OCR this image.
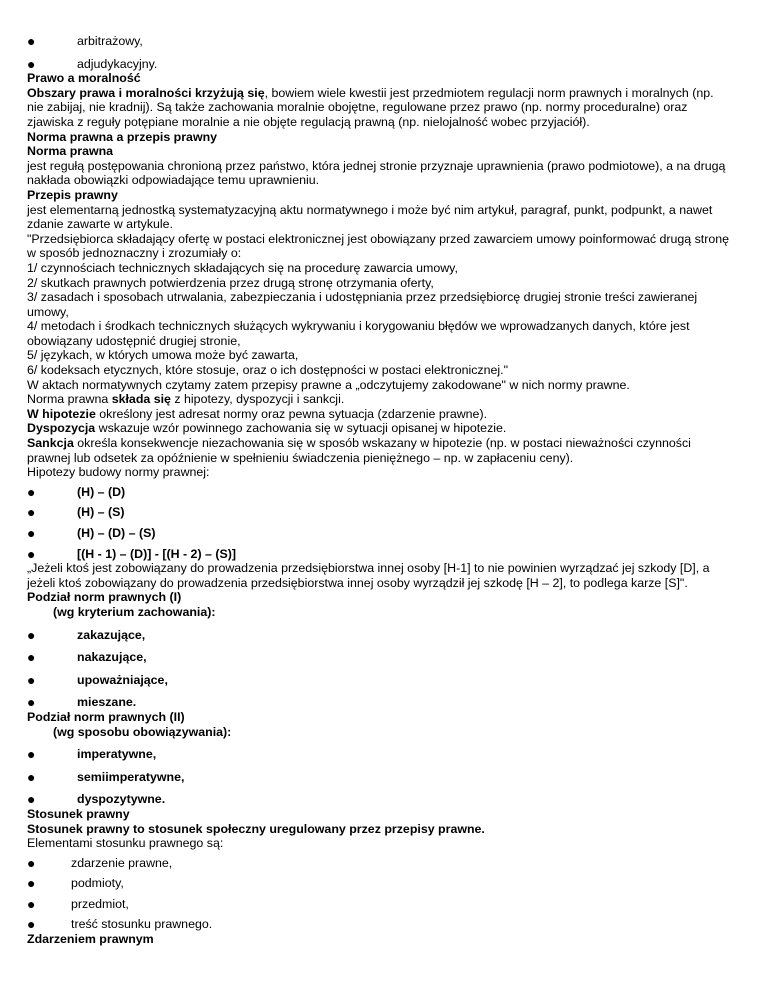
●	arbitrażowy,
●	adjudykacyjny.

Prawo a moralność

Obszary prawa i moralności krzyżują się, bowiem wiele kwestii jest przedmiotem regulacji norm prawnych i moralnych (np. nie zabijaj, nie kradnij). Są także zachowania moralnie obojętne, regulowane przez prawo (np. normy proceduralne) oraz zjawiska z reguły potępiane moralnie a nie objęte regulacją prawną (np. nielojalność wobec przyjaciół).

Norma prawna a przepis prawny

Norma prawna

jest regułą postępowania chronioną przez państwo, która jednej stronie przyznaje uprawnienia (prawo podmiotowe), a na drugą nakłada obowiązki odpowiadające temu uprawnieniu.

Przepis prawny

jest elementarną jednostką systematyzacyjną aktu normatywnego i może być nim artykuł, paragraf, punkt, podpunkt, a nawet zdanie zawarte w artykule.

"Przedsiębiorca składający ofertę w postaci elektronicznej jest obowiązany przed zawarciem umowy poinformować drugą stronę w sposób jednoznaczny i zrozumiały o:

1/ czynnościach technicznych składających się na procedurę zawarcia umowy,

2/ skutkach prawnych potwierdzenia przez drugą stronę otrzymania oferty,

3/ zasadach i sposobach utrwalania, zabezpieczania i udostępniania przez przedsiębiorcę drugiej stronie treści zawieranej umowy,

4/ metodach i środkach technicznych służących wykrywaniu i korygowaniu błędów we wprowadzanych danych, które jest obowiązany udostępnić drugiej stronie,

5/ językach, w których umowa może być zawarta,

6/ kodeksach etycznych, które stosuje, oraz o ich dostępności w postaci elektronicznej."

W aktach normatywnych czytamy zatem przepisy prawne a „odczytujemy zakodowane" w nich normy prawne.

Norma prawna składa się z hipotezy, dyspozycji i sankcji.

W hipotezie określony jest adresat normy oraz pewna sytuacja (zdarzenie prawne).

Dyspozycja wskazuje wzór powinnego zachowania się w sytuacji opisanej w hipotezie.

Sankcja określa konsekwencje niezachowania się w sposób wskazany w hipotezie (np. w postaci nieważności czynności prawnej lub odsetek za opóźnienie w spełnieniu świadczenia pieniężnego – np. w zapłaceniu ceny).

Hipotezy budowy normy prawnej:

●	(H) – (D)
●	(H) – (S)
●	(H) – (D) – (S)
●	[(H - 1) – (D)] - [(H - 2) – (S)]

„Jeżeli ktoś jest zobowiązany do prowadzenia przedsiębiorstwa innej osoby [H-1] to nie powinien wyrządzać jej szkody [D], a jeżeli ktoś zobowiązany do prowadzenia przedsiębiorstwa innej osoby wyrządził jej szkodę [H – 2], to podlega karze [S]".

Podział norm prawnych (I)

(wg kryterium zachowania):

●	zakazujące,
●	nakazujące,
●	upoważniające,
●	mieszane.

Podział norm prawnych (II)

(wg sposobu obowiązywania):

●	imperatywne,
●	semiimperatywne,
●	dyspozytywne.

Stosunek prawny

Stosunek prawny to stosunek społeczny uregulowany przez przepisy prawne.

Elementami stosunku prawnego są:

●	zdarzenie prawne,
●	podmioty,
●	przedmiot,
●	treść stosunku prawnego.

Zdarzeniem prawnym
